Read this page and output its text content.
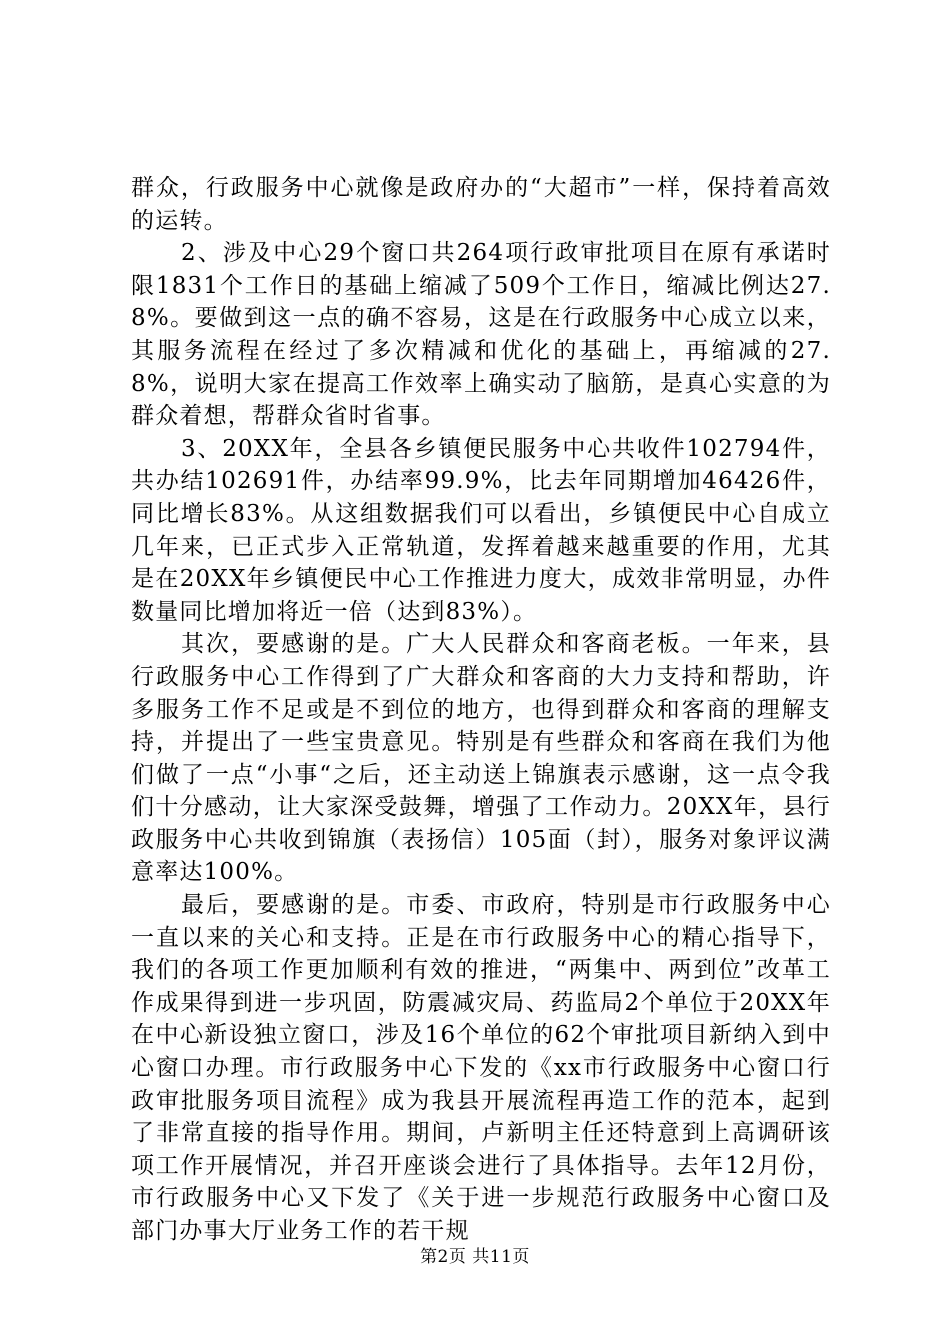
群众，行政服务中心就像是政府办的“大超市”一样，保持着高效的运转。

2、涉及中心29个窗口共264项行政审批项目在原有承诺时限1831个工作日的基础上缩减了509个工作日，缩减比例达27.8%。要做到这一点的确不容易，这是在行政服务中心成立以来，其服务流程在经过了多次精减和优化的基础上，再缩减的27.8%，说明大家在提高工作效率上确实动了脑筋，是真心实意的为群众着想，帮群众省时省事。

3、20XX年，全县各乡镇便民服务中心共收件102794件，共办结102691件，办结率99.9%，比去年同期增加46426件，同比增长83%。从这组数据我们可以看出，乡镇便民中心自成立几年来，已正式步入正常轨道，发挥着越来越重要的作用，尤其是在20XX年乡镇便民中心工作推进力度大，成效非常明显，办件数量同比增加将近一倍（达到83%）。

其次，要感谢的是。广大人民群众和客商老板。一年来，县行政服务中心工作得到了广大群众和客商的大力支持和帮助，许多服务工作不足或是不到位的地方，也得到群众和客商的理解支持，并提出了一些宝贵意见。特别是有些群众和客商在我们为他们做了一点“小事“之后，还主动送上锦旗表示感谢，这一点令我们十分感动，让大家深受鼓舞，增强了工作动力。20XX年，县行政服务中心共收到锦旗（表扬信）105面（封），服务对象评议满意率达100%。

最后，要感谢的是。市委、市政府，特别是市行政服务中心一直以来的关心和支持。正是在市行政服务中心的精心指导下，我们的各项工作更加顺利有效的推进，“两集中、两到位”改革工作成果得到进一步巩固，防震减灾局、药监局2个单位于20XX年在中心新设独立窗口，涉及16个单位的62个审批项目新纳入到中心窗口办理。市行政服务中心下发的《xx市行政服务中心窗口行政审批服务项目流程》成为我县开展流程再造工作的范本，起到了非常直接的指导作用。期间，卢新明主任还特意到上高调研该项工作开展情况，并召开座谈会进行了具体指导。去年12月份，市行政服务中心又下发了《关于进一步规范行政服务中心窗口及部门办事大厅业务工作的若干规

第2页 共11页
